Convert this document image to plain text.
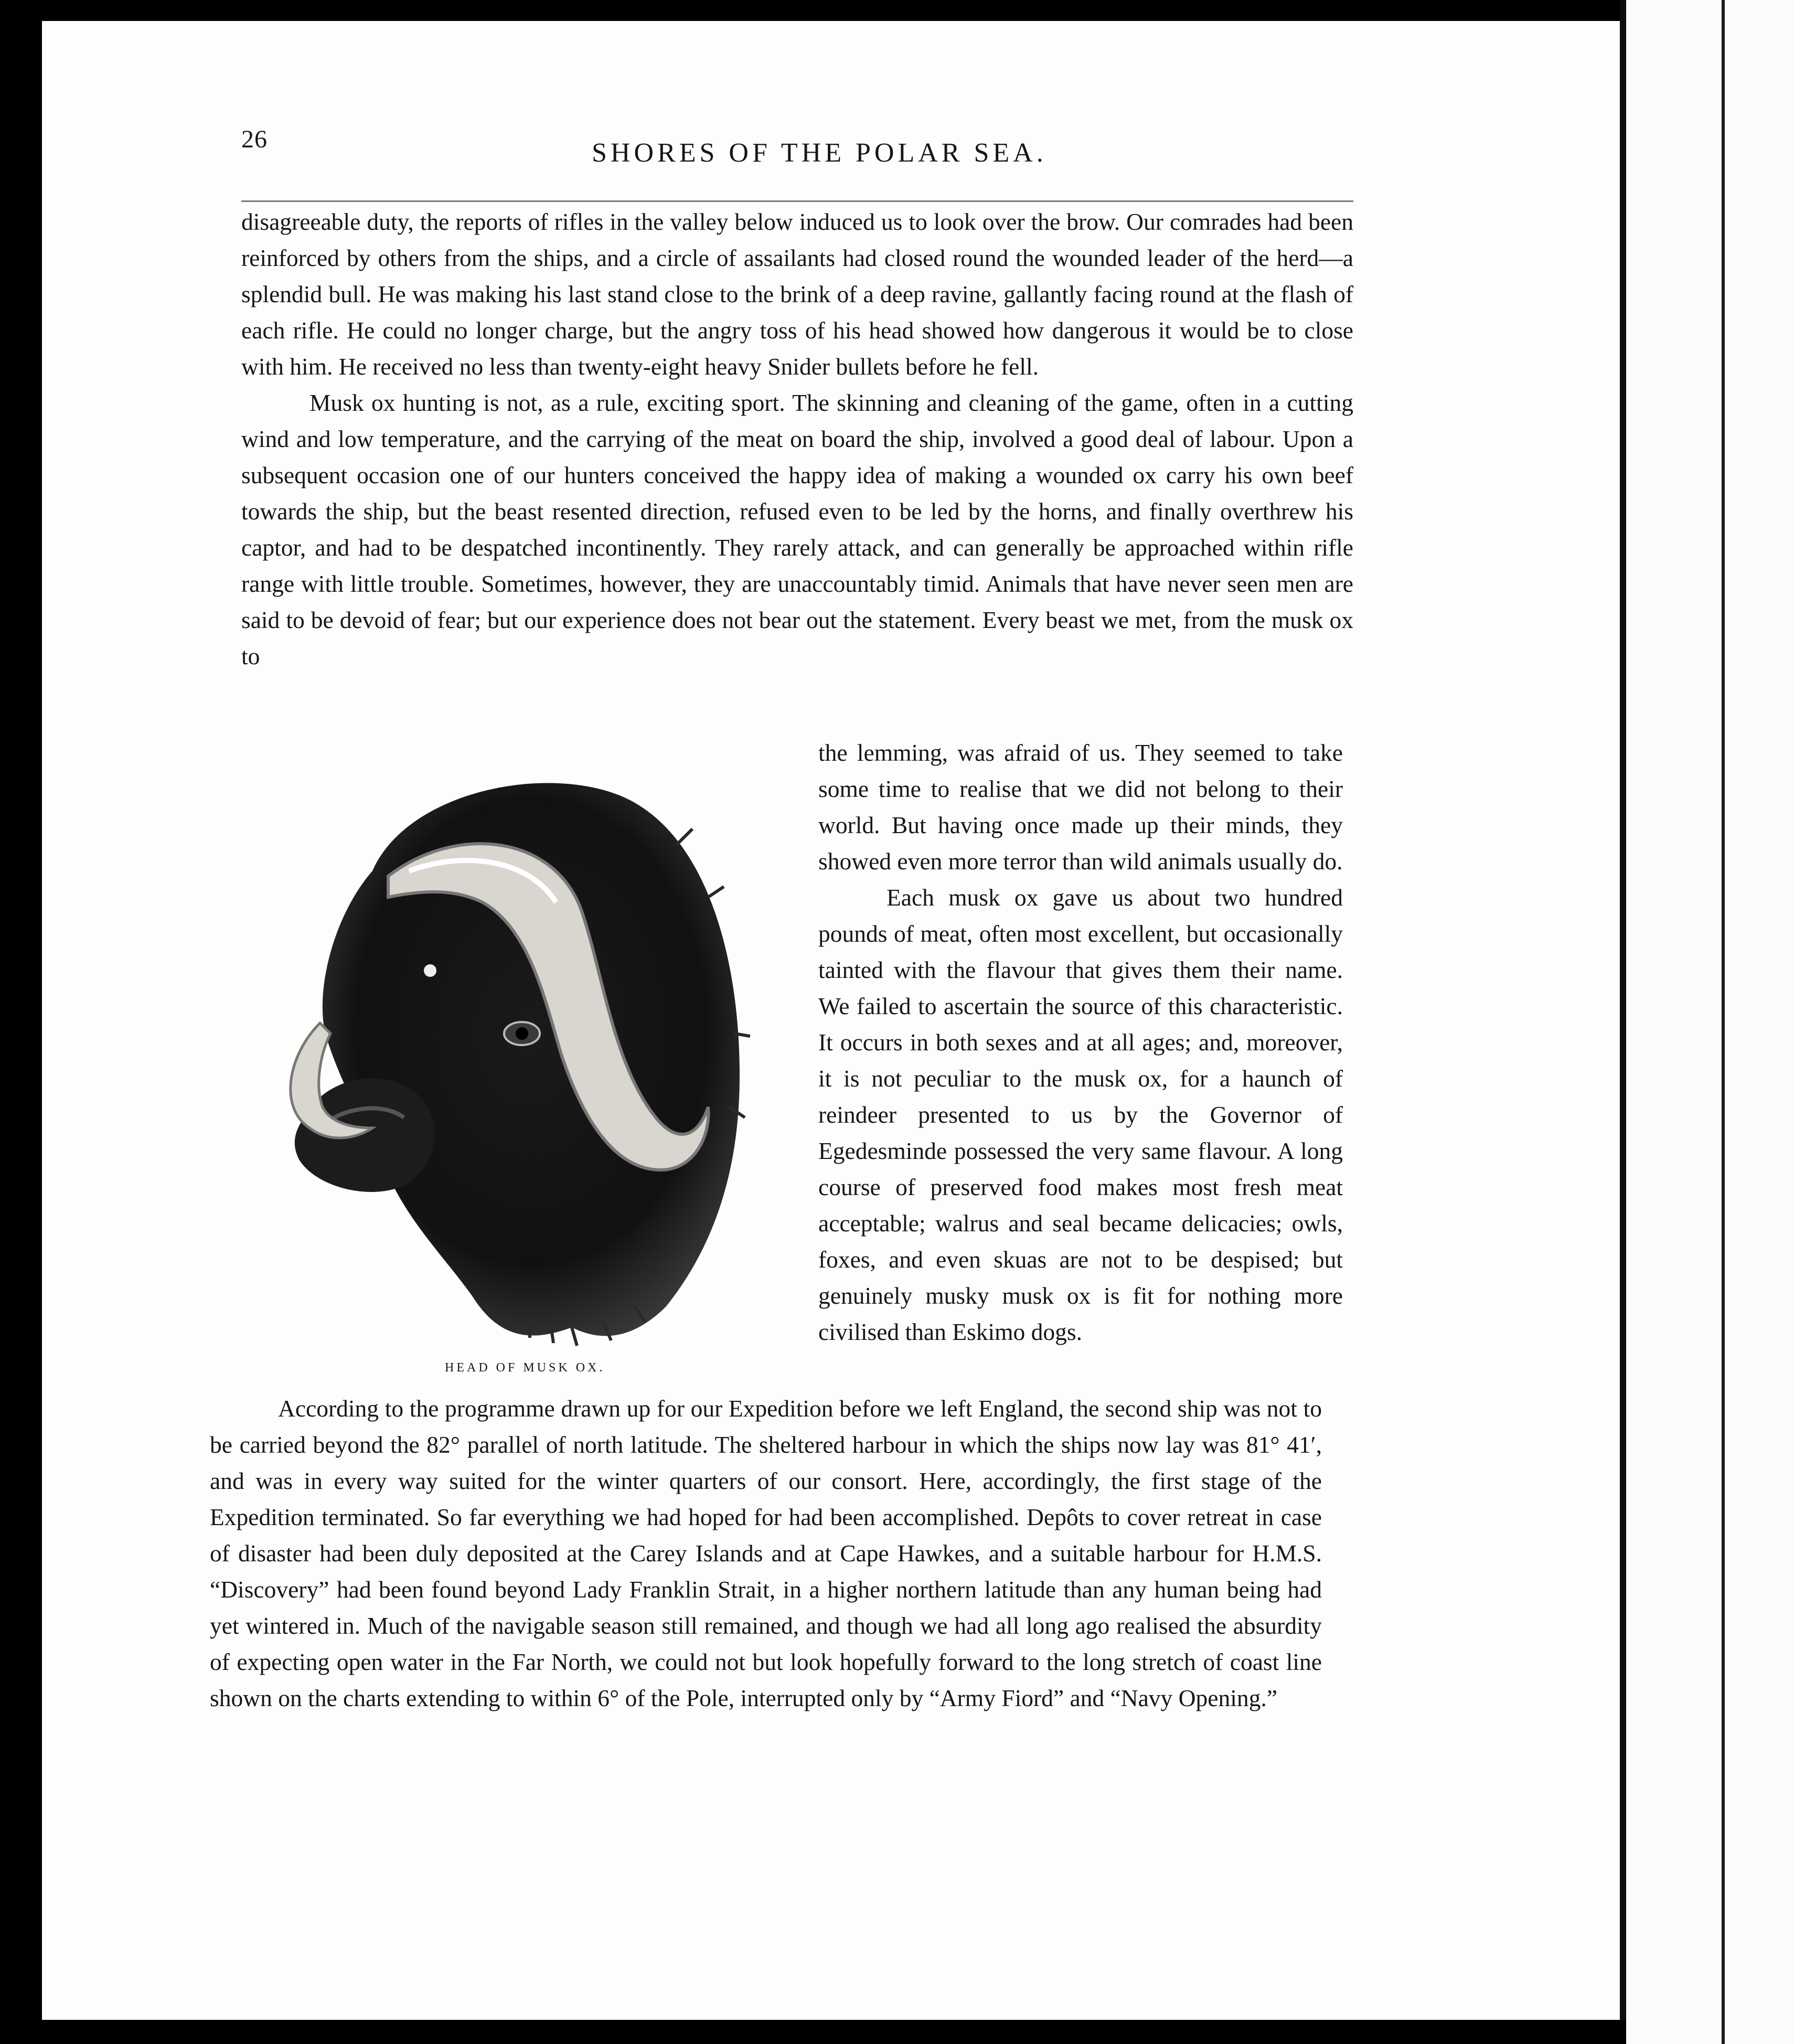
26	SHORES OF THE POLAR SEA.

disagreeable duty, the reports of rifles in the valley below induced us to look over the brow. Our comrades had been reinforced by others from the ships, and a circle of assailants had closed round the wounded leader of the herd—a splendid bull. He was making his last stand close to the brink of a deep ravine, gallantly facing round at the flash of each rifle. He could no longer charge, but the angry toss of his head showed how dangerous it would be to close with him. He received no less than twenty-eight heavy Snider bullets before he fell.

Musk ox hunting is not, as a rule, exciting sport. The skinning and cleaning of the game, often in a cutting wind and low temperature, and the carrying of the meat on board the ship, involved a good deal of labour. Upon a subsequent occasion one of our hunters conceived the happy idea of making a wounded ox carry his own beef towards the ship, but the beast resented direction, refused even to be led by the horns, and finally overthrew his captor, and had to be despatched incontinently. They rarely attack, and can generally be approached within rifle range with little trouble. Sometimes, however, they are unaccountably timid. Animals that have never seen men are said to be devoid of fear; but our experience does not bear out the statement. Every beast we met, from the musk ox to

HEAD OF MUSK OX.

the lemming, was afraid of us. They seemed to take some time to realise that we did not belong to their world. But having once made up their minds, they showed even more terror than wild animals usually do.

Each musk ox gave us about two hundred pounds of meat, often most excellent, but occasionally tainted with the flavour that gives them their name. We failed to ascertain the source of this characteristic. It occurs in both sexes and at all ages; and, moreover, it is not peculiar to the musk ox, for a haunch of reindeer presented to us by the Governor of Egedesminde possessed the very same flavour. A long course of preserved food makes most fresh meat acceptable; walrus and seal became delicacies; owls, foxes, and even skuas are not to be despised; but genuinely musky musk ox is fit for nothing more civilised than Eskimo dogs.

According to the programme drawn up for our Expedition before we left England, the second ship was not to be carried beyond the 82° parallel of north latitude. The sheltered harbour in which the ships now lay was 81° 41′, and was in every way suited for the winter quarters of our consort. Here, accordingly, the first stage of the Expedition terminated. So far everything we had hoped for had been accomplished. Depôts to cover retreat in case of disaster had been duly deposited at the Carey Islands and at Cape Hawkes, and a suitable harbour for H.M.S. “Discovery” had been found beyond Lady Franklin Strait, in a higher northern latitude than any human being had yet wintered in. Much of the navigable season still remained, and though we had all long ago realised the absurdity of expecting open water in the Far North, we could not but look hopefully forward to the long stretch of coast line shown on the charts extending to within 6° of the Pole, interrupted only by “Army Fiord” and “Navy Opening.”
